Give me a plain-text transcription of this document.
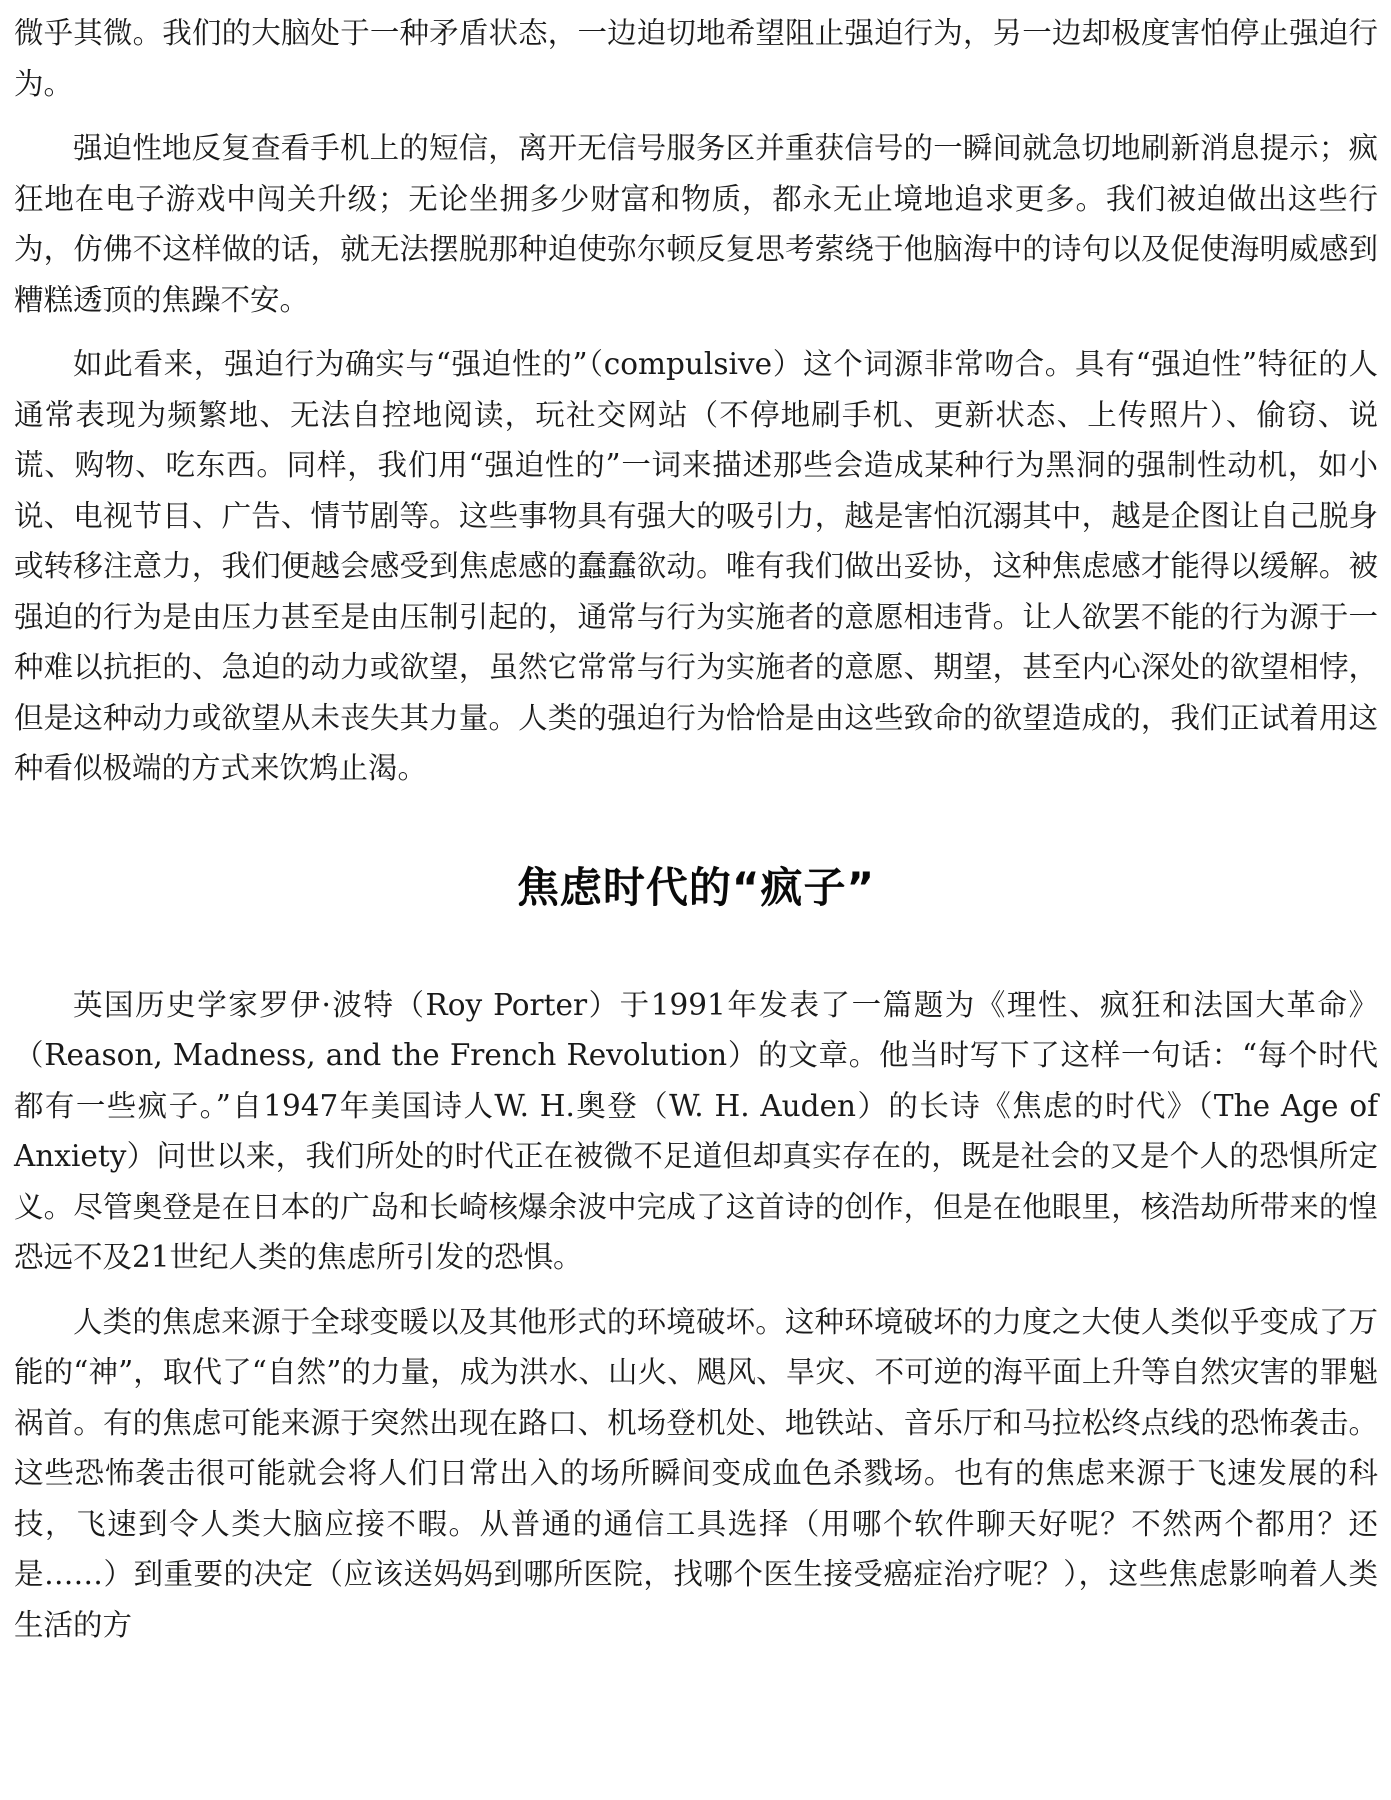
微乎其微。我们的大脑处于一种矛盾状态，一边迫切地希望阻止强迫行为，另一边却极度害怕停止强迫行为。

强迫性地反复查看手机上的短信，离开无信号服务区并重获信号的一瞬间就急切地刷新消息提示；疯狂地在电子游戏中闯关升级；无论坐拥多少财富和物质，都永无止境地追求更多。我们被迫做出这些行为，仿佛不这样做的话，就无法摆脱那种迫使弥尔顿反复思考萦绕于他脑海中的诗句以及促使海明威感到糟糕透顶的焦躁不安。

如此看来，强迫行为确实与“强迫性的”（compulsive）这个词源非常吻合。具有“强迫性”特征的人通常表现为频繁地、无法自控地阅读，玩社交网站（不停地刷手机、更新状态、上传照片）、偷窃、说谎、购物、吃东西。同样，我们用“强迫性的”一词来描述那些会造成某种行为黑洞的强制性动机，如小说、电视节目、广告、情节剧等。这些事物具有强大的吸引力，越是害怕沉溺其中，越是企图让自己脱身或转移注意力，我们便越会感受到焦虑感的蠢蠢欲动。唯有我们做出妥协，这种焦虑感才能得以缓解。被强迫的行为是由压力甚至是由压制引起的，通常与行为实施者的意愿相违背。让人欲罢不能的行为源于一种难以抗拒的、急迫的动力或欲望，虽然它常常与行为实施者的意愿、期望，甚至内心深处的欲望相悖，但是这种动力或欲望从未丧失其力量。人类的强迫行为恰恰是由这些致命的欲望造成的，我们正试着用这种看似极端的方式来饮鸩止渴。

焦虑时代的“疯子”

英国历史学家罗伊·波特（Roy Porter）于1991年发表了一篇题为《理性、疯狂和法国大革命》（Reason, Madness, and the French Revolution）的文章。他当时写下了这样一句话：“每个时代都有一些疯子。”自1947年美国诗人W. H.奥登（W. H. Auden）的长诗《焦虑的时代》（The Age of Anxiety）问世以来，我们所处的时代正在被微不足道但却真实存在的，既是社会的又是个人的恐惧所定义。尽管奥登是在日本的广岛和长崎核爆余波中完成了这首诗的创作，但是在他眼里，核浩劫所带来的惶恐远不及21世纪人类的焦虑所引发的恐惧。

人类的焦虑来源于全球变暖以及其他形式的环境破坏。这种环境破坏的力度之大使人类似乎变成了万能的“神”，取代了“自然”的力量，成为洪水、山火、飓风、旱灾、不可逆的海平面上升等自然灾害的罪魁祸首。有的焦虑可能来源于突然出现在路口、机场登机处、地铁站、音乐厅和马拉松终点线的恐怖袭击。这些恐怖袭击很可能就会将人们日常出入的场所瞬间变成血色杀戮场。也有的焦虑来源于飞速发展的科技，飞速到令人类大脑应接不暇。从普通的通信工具选择（用哪个软件聊天好呢？不然两个都用？还是……）到重要的决定（应该送妈妈到哪所医院，找哪个医生接受癌症治疗呢？），这些焦虑影响着人类生活的方
